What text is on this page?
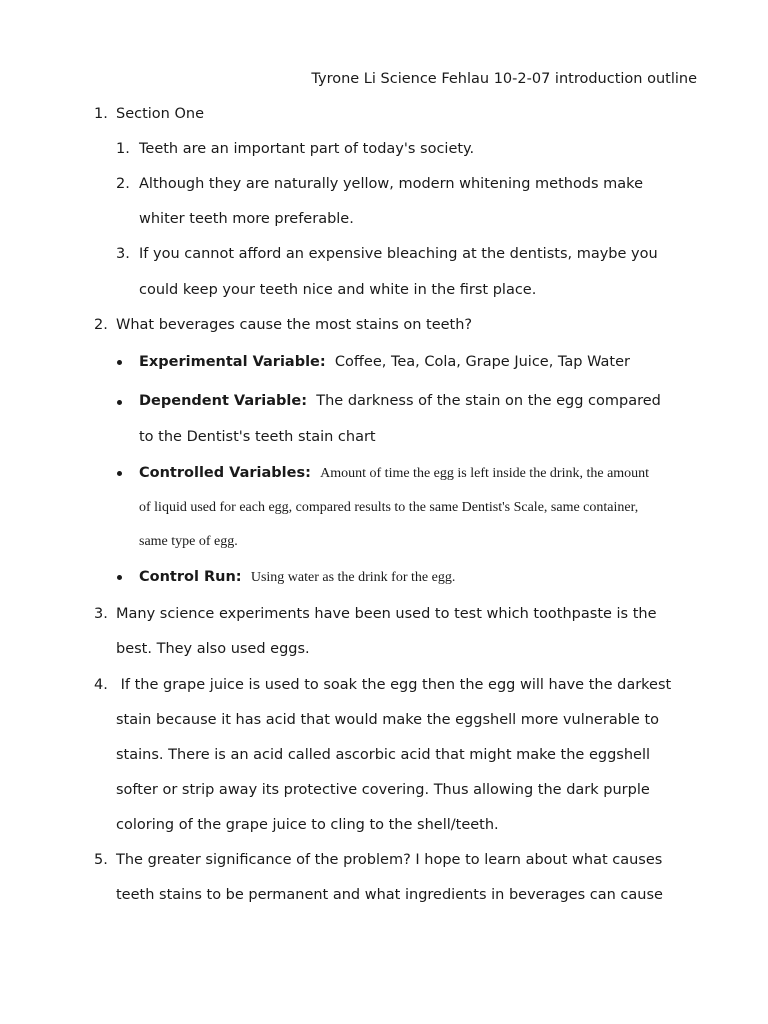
Tyrone Li Science Fehlau 10-2-07 introduction outline
1. Section One
1. Teeth are an important part of today's society.
2. Although they are naturally yellow, modern whitening methods make
whiter teeth more preferable.
3. If you cannot afford an expensive bleaching at the dentists, maybe you
could keep your teeth nice and white in the first place.
2. What beverages cause the most stains on teeth?
Experimental Variable: Coffee, Tea, Cola, Grape Juice, Tap Water
Dependent Variable: The darkness of the stain on the egg compared
to the Dentist's teeth stain chart
Controlled Variables: Amount of time the egg is left inside the drink, the amount
of liquid used for each egg, compared results to the same Dentist's Scale, same container,
same type of egg.
Control Run: Using water as the drink for the egg.
3. Many science experiments have been used to test which toothpaste is the
best. They also used eggs.
4. If the grape juice is used to soak the egg then the egg will have the darkest
stain because it has acid that would make the eggshell more vulnerable to
stains. There is an acid called ascorbic acid that might make the eggshell
softer or strip away its protective covering. Thus allowing the dark purple
coloring of the grape juice to cling to the shell/teeth.
5. The greater significance of the problem? I hope to learn about what causes
teeth stains to be permanent and what ingredients in beverages can cause
